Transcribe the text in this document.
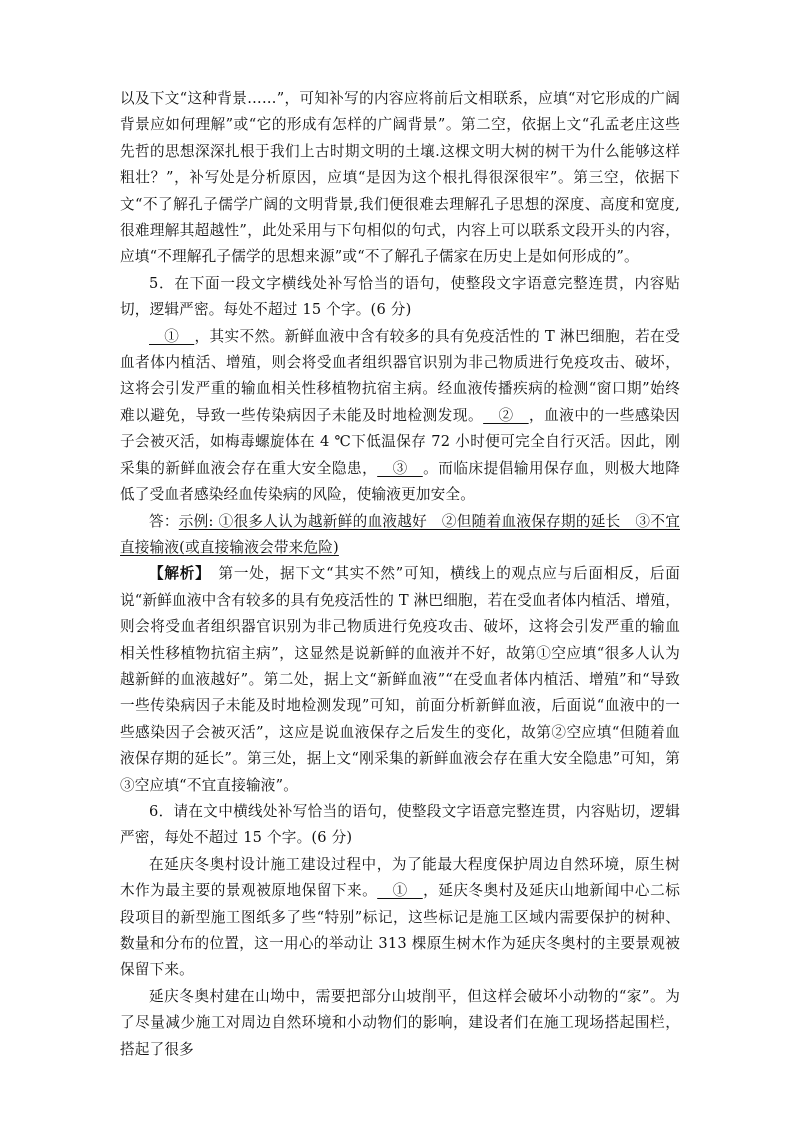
以及下文“这种背景……”，可知补写的内容应将前后文相联系，应填“对它形成的广阔背景应如何理解”或“它的形成有怎样的广阔背景”。第二空，依据上文“孔孟老庄这些先哲的思想深深扎根于我们上古时期文明的土壤.这棵文明大树的树干为什么能够这样粗壮？”，补写处是分析原因，应填“是因为这个根扎得很深很牢”。第三空，依据下文“不了解孔子儒学广阔的文明背景,我们便很难去理解孔子思想的深度、高度和宽度,很难理解其超越性”，此处采用与下句相似的句式，内容上可以联系文段开头的内容，应填“不理解孔子儒学的思想来源”或“不了解孔子儒家在历史上是如何形成的”。

5．在下面一段文字横线处补写恰当的语句，使整段文字语意完整连贯，内容贴切，逻辑严密。每处不超过 15 个字。(6 分)

__①__，其实不然。新鲜血液中含有较多的具有免疫活性的 T 淋巴细胞，若在受血者体内植活、增殖，则会将受血者组织器官识别为非己物质进行免疫攻击、破坏，这将会引发严重的输血相关性移植物抗宿主病。经血液传播疾病的检测“窗口期”始终难以避免，导致一些传染病因子未能及时地检测发现。__②__，血液中的一些感染因子会被灭活，如梅毒螺旋体在 4 ℃下低温保存 72 小时便可完全自行灭活。因此，刚采集的新鲜血液会存在重大安全隐患，__③__。而临床提倡输用保存血，则极大地降低了受血者感染经血传染病的风险，使输液更加安全。

答：示例: ①很多人认为越新鲜的血液越好　②但随着血液保存期的延长　③不宜直接输液(或直接输液会带来危险)

【解析】　第一处，据下文“其实不然”可知，横线上的观点应与后面相反，后面说“新鲜血液中含有较多的具有免疫活性的 T 淋巴细胞，若在受血者体内植活、增殖，则会将受血者组织器官识别为非己物质进行免疫攻击、破坏，这将会引发严重的输血相关性移植物抗宿主病”，这显然是说新鲜的血液并不好，故第①空应填“很多人认为越新鲜的血液越好”。第二处，据上文“新鲜血液”“在受血者体内植活、增殖”和“导致一些传染病因子未能及时地检测发现”可知，前面分析新鲜血液，后面说“血液中的一些感染因子会被灭活”，这应是说血液保存之后发生的变化，故第②空应填“但随着血液保存期的延长”。第三处，据上文“刚采集的新鲜血液会存在重大安全隐患”可知，第③空应填“不宜直接输液”。

6．请在文中横线处补写恰当的语句，使整段文字语意完整连贯，内容贴切，逻辑严密，每处不超过 15 个字。(6 分)

在延庆冬奥村设计施工建设过程中，为了能最大程度保护周边自然环境，原生树木作为最主要的景观被原地保留下来。__①__，延庆冬奥村及延庆山地新闻中心二标段项目的新型施工图纸多了些“特别”标记，这些标记是施工区域内需要保护的树种、数量和分布的位置，这一用心的举动让 313 棵原生树木作为延庆冬奥村的主要景观被保留下来。

延庆冬奥村建在山坳中，需要把部分山坡削平，但这样会破坏小动物的“家”。为了尽量减少施工对周边自然环境和小动物们的影响，建设者们在施工现场搭起围栏，搭起了很多
